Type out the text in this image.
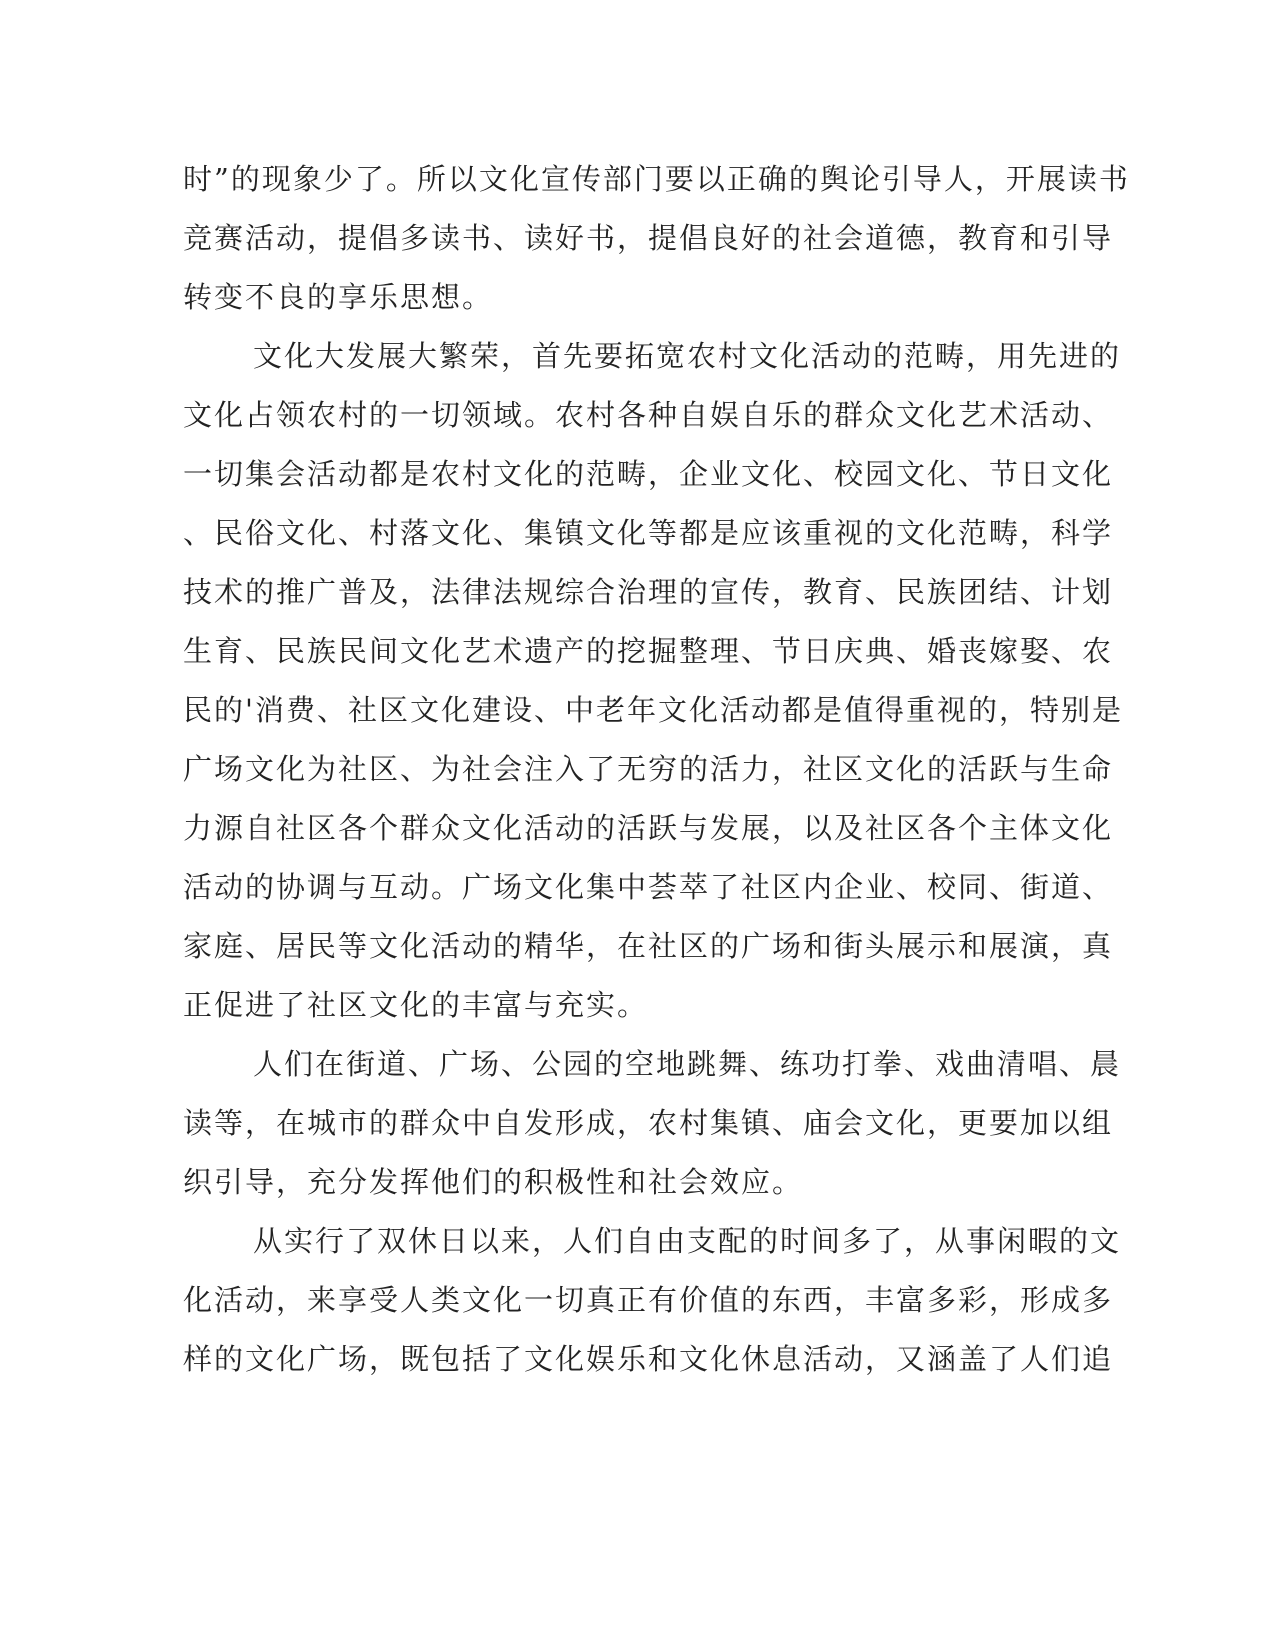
时”的现象少了。所以文化宣传部门要以正确的舆论引导人，开展读书
竞赛活动，提倡多读书、读好书，提倡良好的社会道德，教育和引导
转变不良的享乐思想。
文化大发展大繁荣，首先要拓宽农村文化活动的范畴，用先进的
文化占领农村的一切领域。农村各种自娱自乐的群众文化艺术活动、
一切集会活动都是农村文化的范畴，企业文化、校园文化、节日文化
、民俗文化、村落文化、集镇文化等都是应该重视的文化范畴，科学
技术的推广普及，法律法规综合治理的宣传，教育、民族团结、计划
生育、民族民间文化艺术遗产的挖掘整理、节日庆典、婚丧嫁娶、农
民的'消费、社区文化建设、中老年文化活动都是值得重视的，特别是
广场文化为社区、为社会注入了无穷的活力，社区文化的活跃与生命
力源自社区各个群众文化活动的活跃与发展，以及社区各个主体文化
活动的协调与互动。广场文化集中荟萃了社区内企业、校同、街道、
家庭、居民等文化活动的精华，在社区的广场和街头展示和展演，真
正促进了社区文化的丰富与充实。
人们在街道、广场、公园的空地跳舞、练功打拳、戏曲清唱、晨
读等，在城市的群众中自发形成，农村集镇、庙会文化，更要加以组
织引导，充分发挥他们的积极性和社会效应。
从实行了双休日以来，人们自由支配的时间多了，从事闲暇的文
化活动，来享受人类文化一切真正有价值的东西，丰富多彩，形成多
样的文化广场，既包括了文化娱乐和文化休息活动，又涵盖了人们追
